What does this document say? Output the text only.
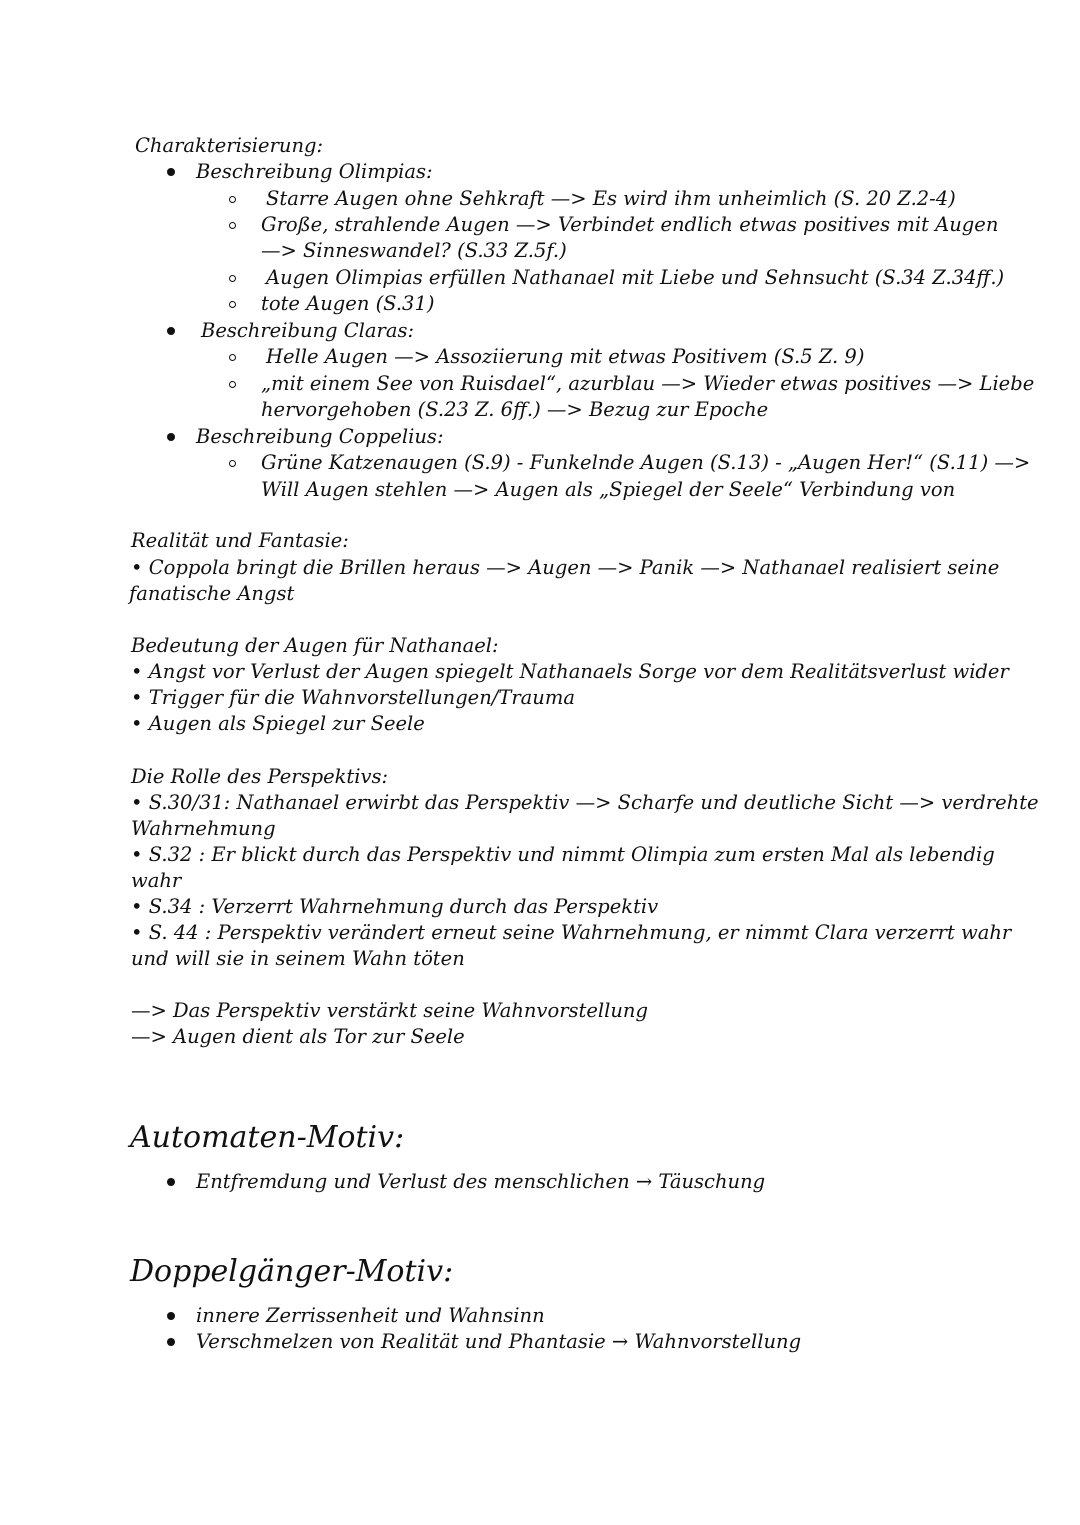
Charakterisierung:
Beschreibung Olimpias:
Starre Augen ohne Sehkraft —> Es wird ihm unheimlich (S. 20 Z.2-4)
Große, strahlende Augen —> Verbindet endlich etwas positives mit Augen
—> Sinneswandel? (S.33 Z.5f.)
Augen Olimpias erfüllen Nathanael mit Liebe und Sehnsucht (S.34 Z.34ff.)
tote Augen (S.31)
Beschreibung Claras:
Helle Augen —> Assoziierung mit etwas Positivem (S.5 Z. 9)
„mit einem See von Ruisdael“, azurblau —> Wieder etwas positives —> Liebe
hervorgehoben (S.23 Z. 6ff.) —> Bezug zur Epoche
Beschreibung Coppelius:
Grüne Katzenaugen (S.9) - Funkelnde Augen (S.13) - „Augen Her!“ (S.11) —>
Will Augen stehlen —> Augen als „Spiegel der Seele“ Verbindung von
Realität und Fantasie:
• Coppola bringt die Brillen heraus —> Augen —> Panik —> Nathanael realisiert seine
fanatische Angst
Bedeutung der Augen für Nathanael:
• Angst vor Verlust der Augen spiegelt Nathanaels Sorge vor dem Realitätsverlust wider
• Trigger für die Wahnvorstellungen/Trauma
• Augen als Spiegel zur Seele
Die Rolle des Perspektivs:
• S.30/31: Nathanael erwirbt das Perspektiv —> Scharfe und deutliche Sicht —> verdrehte
Wahrnehmung
• S.32 : Er blickt durch das Perspektiv und nimmt Olimpia zum ersten Mal als lebendig
wahr
• S.34 : Verzerrt Wahrnehmung durch das Perspektiv
• S. 44 : Perspektiv verändert erneut seine Wahrnehmung, er nimmt Clara verzerrt wahr
und will sie in seinem Wahn töten
—> Das Perspektiv verstärkt seine Wahnvorstellung
—> Augen dient als Tor zur Seele
Automaten-Motiv:
Entfremdung und Verlust des menschlichen → Täuschung
Doppelgänger-Motiv:
innere Zerrissenheit und Wahnsinn
Verschmelzen von Realität und Phantasie → Wahnvorstellung
